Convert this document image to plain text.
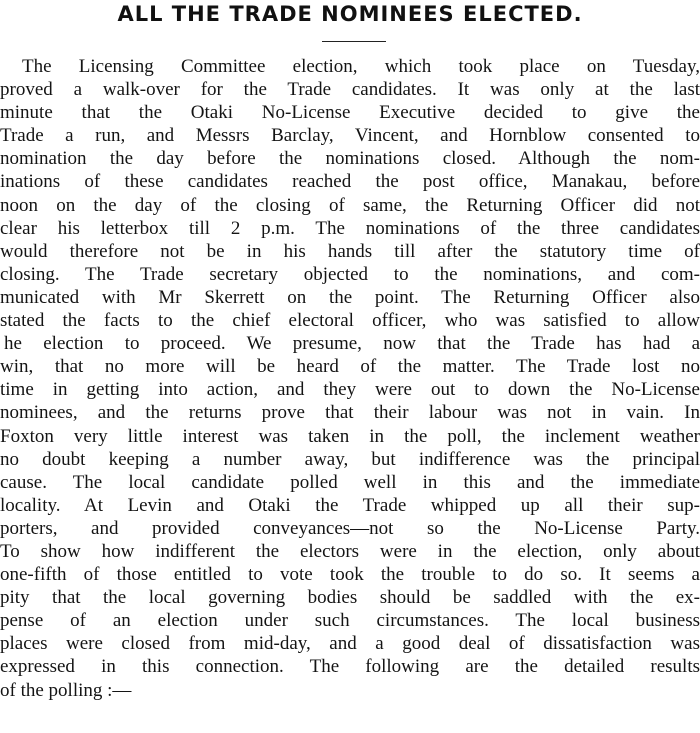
ALL THE TRADE NOMINEES ELECTED.
The Licensing Committee election, which took place on Tuesday,
proved a walk-over for the Trade candidates. It was only at the last
minute that the Otaki No-License Executive decided to give the
Trade a run, and Messrs Barclay, Vincent, and Hornblow consented to
nomination the day before the nominations closed. Although the nom-
inations of these candidates reached the post office, Manakau, before
noon on the day of the closing of same, the Returning Officer did not
clear his letterbox till 2 p.m. The nominations of the three candidates
would therefore not be in his hands till after the statutory time of
closing. The Trade secretary objected to the nominations, and com-
municated with Mr Skerrett on the point. The Returning Officer also
stated the facts to the chief electoral officer, who was satisfied to allow
he election to proceed. We presume, now that the Trade has had a
win, that no more will be heard of the matter. The Trade lost no
time in getting into action, and they were out to down the No-License
nominees, and the returns prove that their labour was not in vain. In
Foxton very little interest was taken in the poll, the inclement weather
no doubt keeping a number away, but indifference was the principal
cause. The local candidate polled well in this and the immediate
locality. At Levin and Otaki the Trade whipped up all their sup-
porters, and provided conveyances—not so the No-License Party.
To show how indifferent the electors were in the election, only about
one-fifth of those entitled to vote took the trouble to do so. It seems a
pity that the local governing bodies should be saddled with the ex-
pense of an election under such circumstances. The local business
places were closed from mid-day, and a good deal of dissatisfaction was
expressed in this connection. The following are the detailed results
of the polling :—
